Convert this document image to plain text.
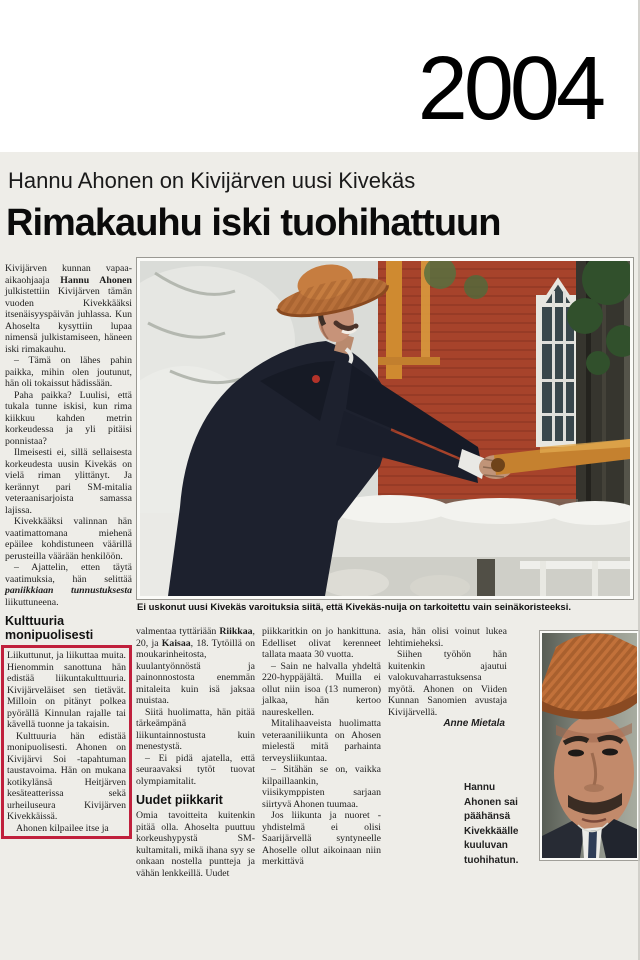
2004
Hannu Ahonen on Kivijärven uusi Kivekäs
Rimakauhu iski tuohihattuun

Kivijärven kunnan vapaa-aikaohjaaja Hannu Ahonen julkistettiin Kivijärven tämän vuoden Kivekkääksi itsenäisyyspäivän juhlassa. Kun Ahoselta kysyttiin lupaa nimensä julkistamiseen, häneen iski rimakauhu.

– Tämä on lähes pahin paikka, mihin olen joutunut, hän oli tokaissut hädissään.

Paha paikka? Luulisi, että tukala tunne iskisi, kun rima kiikkuu kahden metrin korkeudessa ja yli pitäisi ponnistaa?

Ilmeisesti ei, sillä sellaisesta korkeudesta uusin Kivekäs on vielä riman ylittänyt. Ja kerännyt pari SM-mitalia veteraanisarjoista samassa lajissa.

Kivekkääksi valinnan hän vaatimattomana miehenä epäilee kohdistuneen väärillä perusteilla väärään henkilöön.

– Ajattelin, etten täytä vaatimuksia, hän selittää paniikkiaan tunnustuksesta liikuttuneena.

Kulttuuria monipuolisesti

Liikuttunut, ja liikuttaa muita. Hienommin sanottuna hän edistää liikuntakulttuuria. Kivijärveläiset sen tietävät. Milloin on pitänyt polkea pyörällä Kinnulan rajalle tai kävellä tuonne ja takaisin.

Kulttuuria hän edistää monipuolisesti. Ahonen on Kivijärvi Soi -tapahtuman taustavoima. Hän on mukana kotikylänsä Heitjärven kesäteatterissa sekä urheiluseura Kivijärven Kivekkäissä.

Ahonen kilpailee itse ja

Ei uskonut uusi Kivekäs varoituksia siitä, että Kivekäs-nuija on tarkoitettu vain seinäkoristeeksi.

valmentaa tyttäriään Riikkaa, 20, ja Kaisaa, 18. Tytöillä on moukarinheitosta, kuulantyönnöstä ja painonnostosta enemmän mitaleita kuin isä jaksaa muistaa.

Siitä huolimatta, hän pitää tärkeämpänä liikuntainnostusta kuin menestystä.

– Ei pidä ajatella, että seuraavaksi tytöt tuovat olympiamitalit.

Uudet piikkarit

Omia tavoitteita kuitenkin pitää olla. Ahoselta puuttuu korkeushypystä SM-kultamitali, mikä ihana syy se onkaan nostella puntteja ja vähän lenkkeillä. Uudet

piikkaritkin on jo hankittuna. Edelliset olivat kerenneet tallata maata 30 vuotta.

– Sain ne halvalla yhdeltä 220-hyppäjältä. Muilla ei ollut niin isoa (13 numeron) jalkaa, hän kertoo naureskellen.

Mitalihaaveista huolimatta veteraaniliikunta on Ahosen mielestä mitä parhainta terveysliikuntaa.

– Sitähän se on, vaikka kilpaillaankin, viisikymppisten sarjaan siirtyvä Ahonen tuumaa.

Jos liikunta ja nuoret -yhdistelmä ei olisi Saarijärvellä syntyneelle Ahoselle ollut aikoinaan niin merkittävä

asia, hän olisi voinut lukea lehtimieheksi.

Siihen työhön hän kuitenkin ajautui valokuvaharrastuksensa myötä. Ahonen on Viiden Kunnan Sanomien avustaja Kivijärvellä.

Anne Mietala

Hannu Ahonen sai päähänsä Kivekkäälle kuuluvan tuohihatun.
